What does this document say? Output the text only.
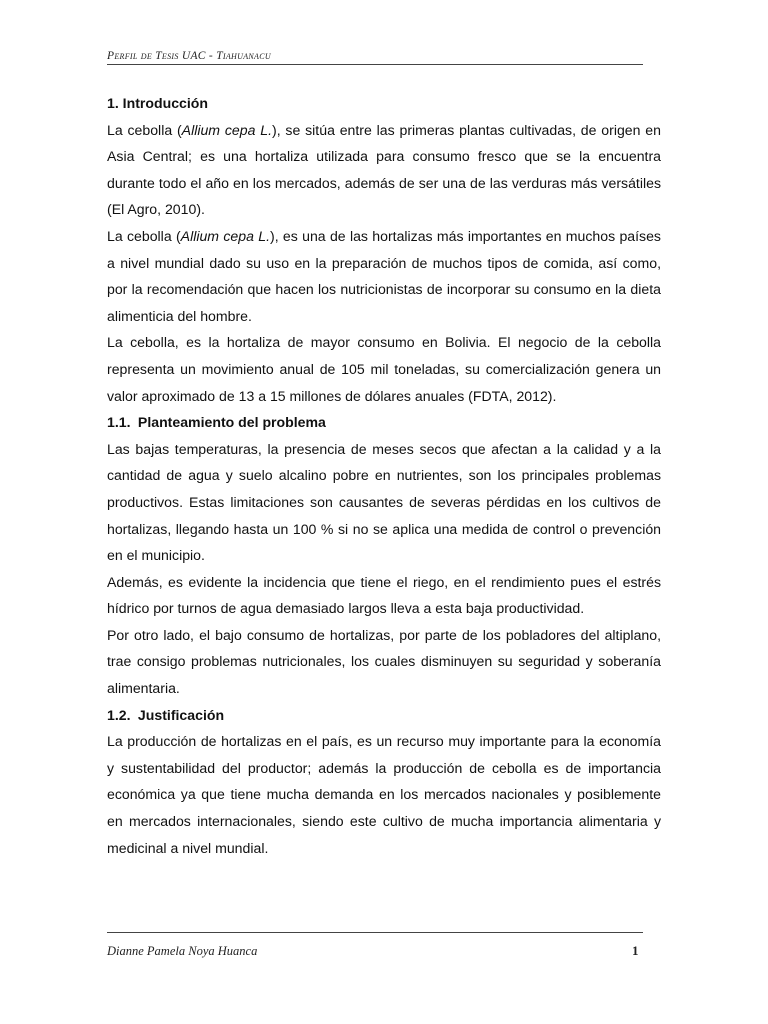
Perfil de Tesis UAC - Tiahuanacu
1. Introducción

La cebolla (Allium cepa L.), se sitúa entre las primeras plantas cultivadas, de origen en Asia Central; es una hortaliza utilizada para consumo fresco que se la encuentra durante todo el año en los mercados, además de ser una de las verduras más versátiles (El Agro, 2010).

La cebolla (Allium cepa L.), es una de las hortalizas más importantes en muchos países a nivel mundial dado su uso en la preparación de muchos tipos de comida, así como, por la recomendación que hacen los nutricionistas de incorporar su consumo en la dieta alimenticia del hombre.

La cebolla, es la hortaliza de mayor consumo en Bolivia. El negocio de la cebolla representa un movimiento anual de 105 mil toneladas, su comercialización genera un valor aproximado de 13 a 15 millones de dólares anuales (FDTA, 2012).

1.1. Planteamiento del problema

Las bajas temperaturas, la presencia de meses secos que afectan a la calidad y a la cantidad de agua y suelo alcalino pobre en nutrientes, son los principales problemas productivos. Estas limitaciones son causantes de severas pérdidas en los cultivos de hortalizas, llegando hasta un 100 % si no se aplica una medida de control o prevención en el municipio.

Además, es evidente la incidencia que tiene el riego, en el rendimiento pues el estrés hídrico por turnos de agua demasiado largos lleva a esta baja productividad.

Por otro lado, el bajo consumo de hortalizas, por parte de los pobladores del altiplano, trae consigo problemas nutricionales, los cuales disminuyen su seguridad y soberanía alimentaria.

1.2. Justificación

La producción de hortalizas en el país, es un recurso muy importante para la economía y sustentabilidad del productor; además la producción de cebolla es de importancia económica ya que tiene mucha demanda en los mercados nacionales y posiblemente en mercados internacionales, siendo este cultivo de mucha importancia alimentaria y medicinal a nivel mundial.

Dianne Pamela Noya Huanca	1
